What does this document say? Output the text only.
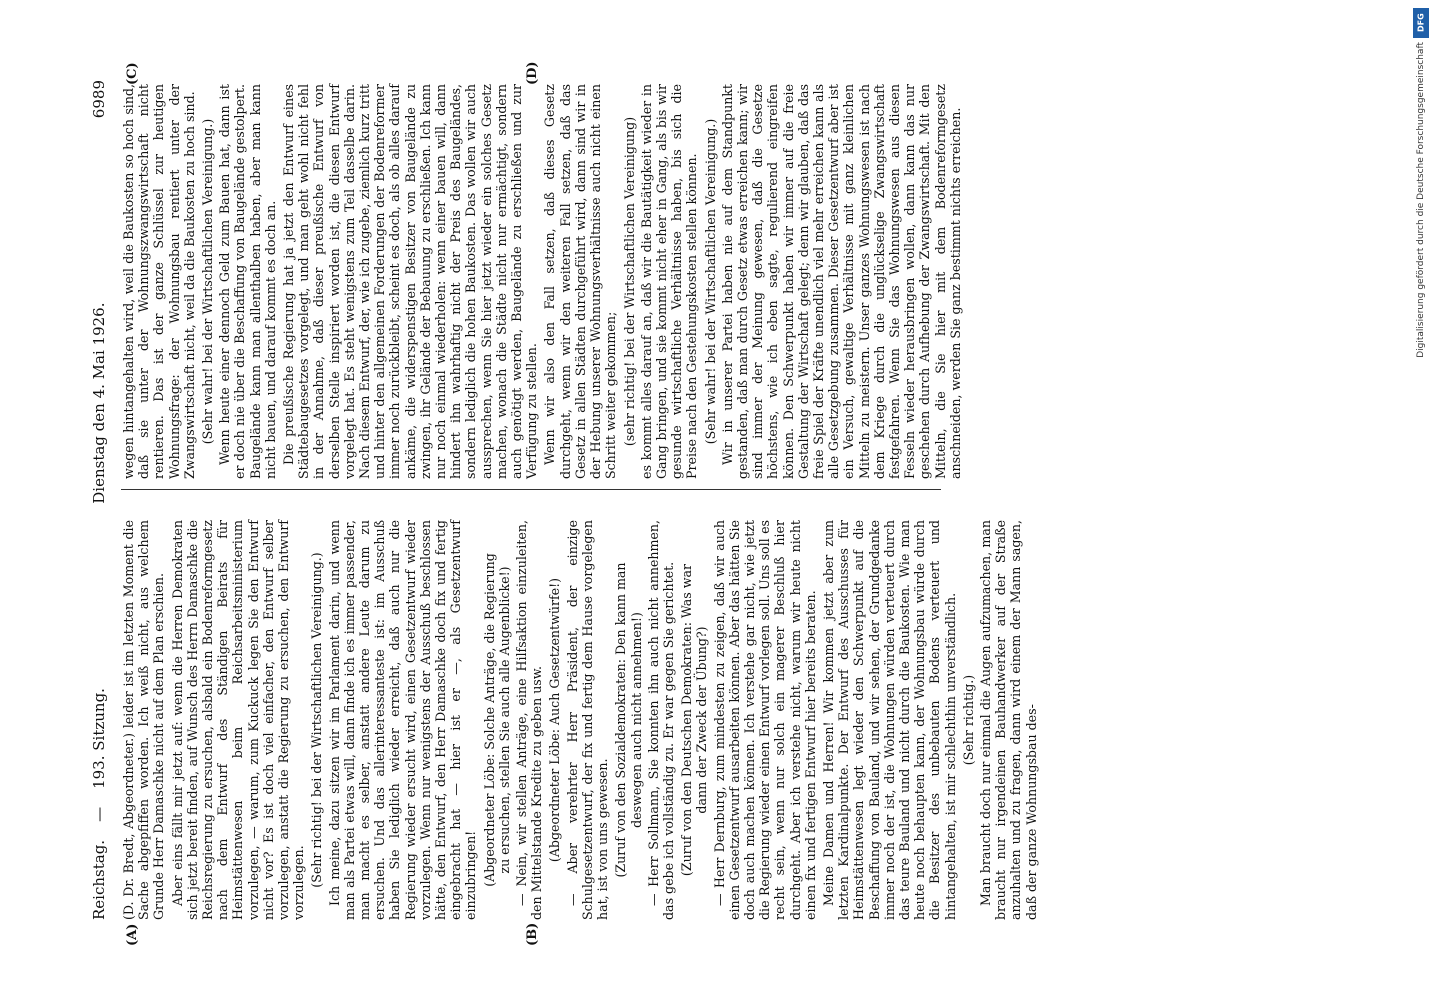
Reichstag.
—
193. Sitzung.
Dienstag den 4. Mai 1926.
6989

(D. Dr. Bredt, Abgeordneter.) leider ist im letzten Moment die Sache abgepfiffen worden. Ich weiß nicht, aus welchem Grunde Herr Damaschke nicht auf dem Plan erschien. Aber eins fällt mir jetzt auf: wenn die Herren Demokraten sich jetzt bereit finden, auf Wunsch des Herrn Damaschke die Reichsregierung zu ersuchen, alsbald ein Bodenreformgesetz nach dem Entwurf des Ständigen Beirats für Heimstättenwesen beim Reichsarbeitsministerium vorzulegen, — warum, zum Kuckuck legen Sie den Entwurf nicht vor? Es ist doch viel einfacher, den Entwurf selber vorzulegen, anstatt die Regierung zu ersuchen, den Entwurf vorzulegen. (Sehr richtig! bei der Wirtschaftlichen Vereinigung.) Ich meine, dazu sitzen wir im Parlament darin, und wenn man als Partei etwas will, dann finde ich es immer passender, man macht es selber, anstatt andere Leute darum zu ersuchen. Und das allerinteressanteste ist: im Ausschuß haben Sie lediglich wieder erreicht, daß auch nur die Regierung wieder ersucht wird, einen Gesetzentwurf wieder vorzulegen. Wenn nur wenigstens der Ausschuß beschlossen hätte, den Entwurf, den Herr Damaschke doch fix und fertig eingebracht hat — hier ist er —, als Gesetzentwurf einzubringen! (Abgeordneter Löbe: Solche Anträge, die Regierung zu ersuchen, stellen Sie auch alle Augenblicke!) — Nein, wir stellen Anträge, eine Hilfsaktion einzuleiten, den Mittelstande Kredite zu geben usw. (Abgeordneter Löbe: Auch Gesetzentwürfe!) — Aber verehrter Herr Präsident, der einzige Schulgesetzentwurf, der fix und fertig dem Hause vorgelegen hat, ist von uns gewesen. (Zuruf von den Sozialdemokraten: Den kann man deswegen auch nicht annehmen!) — Herr Sollmann, Sie konnten ihn auch nicht annehmen, das gebe ich vollständig zu. Er war gegen Sie gerichtet. (Zuruf von den Deutschen Demokraten: Was war dann der Zweck der Übung?) — Herr Dernburg, zum mindesten zu zeigen, daß wir auch einen Gesetzentwurf ausarbeiten können. Aber das hätten Sie doch auch machen können. Ich verstehe gar nicht, wie jetzt die Regierung wieder einen Entwurf vorlegen soll. Uns soll es recht sein, wenn nur solch ein magerer Beschluß hier durchgeht. Aber ich verstehe nicht, warum wir heute nicht einen fix und fertigen Entwurf hier bereits beraten. Meine Damen und Herren! Wir kommen jetzt aber zum letzten Kardinalpunkte. Der Entwurf des Ausschusses für Heimstättenwesen legt wieder den Schwerpunkt auf die Beschaffung von Bauland, und wir sehen, der Grundgedanke immer noch der ist, die Wohnungen würden verteuert durch das teure Bauland und nicht durch die Baukosten. Wie man heute noch behaupten kann, der Wohnungsbau würde durch die Besitzer des unbebauten Bodens verteuert und hintangehalten, ist mir schlechthin unverständlich. (Sehr richtig.) Man braucht doch nur einmal die Augen aufzumachen, man braucht nur irgendeinen Bauhandwerker auf der Straße anzuhalten und zu fragen, dann wird einem der Mann sagen, daß der ganze Wohnungsbau des-

wegen hintangehalten wird, weil die Baukosten so hoch sind, daß sie unter der Wohnungszwangswirtschaft nicht rentieren. Das ist der ganze Schlüssel zur heutigen Wohnungsfrage: der Wohnungsbau rentiert unter der Zwangswirtschaft nicht, weil da die Baukosten zu hoch sind. (Sehr wahr! bei der Wirtschaftlichen Vereinigung.) Wenn heute einer dennoch Geld zum Bauen hat, dann ist er doch nie über die Beschaffung von Baugelände gestolpert. Baugelände kann man allenthalben haben, aber man kann nicht bauen, und darauf kommt es doch an. Die preußische Regierung hat ja jetzt den Entwurf eines Städtebaugesetzes vorgelegt, und man geht wohl nicht fehl in der Annahme, daß dieser preußische Entwurf von derselben Stelle inspiriert worden ist, die diesen Entwurf vorgelegt hat. Es steht wenigstens zum Teil dasselbe darin. Nach diesem Entwurf, der, wie ich zugebe, ziemlich kurz tritt und hinter den allgemeinen Forderungen der Bodenreformer immer noch zurückbleibt, scheint es doch, als ob alles darauf ankäme, die widerspenstigen Besitzer von Baugelände zu zwingen, ihr Gelände der Bebauung zu erschließen. Ich kann nur noch einmal wiederholen: wenn einer bauen will, dann hindert ihn wahrhaftig nicht der Preis des Baugeländes, sondern lediglich die hohen Baukosten. Das wollen wir auch aussprechen, wenn Sie hier jetzt wieder ein solches Gesetz machen, wonach die Städte nicht nur ermächtigt, sondern auch genötigt werden, Baugelände zu erschließen und zur Verfügung zu stellen. Wenn wir also den Fall setzen, daß dieses Gesetz durchgeht, wenn wir den weiteren Fall setzen, daß das Gesetz in allen Städten durchgeführt wird, dann sind wir in der Hebung unserer Wohnungsverhältnisse auch nicht einen Schritt weiter gekommen; (sehr richtig! bei der Wirtschaftlichen Vereinigung) es kommt alles darauf an, daß wir die Bautätigkeit wieder in Gang bringen, und sie kommt nicht eher in Gang, als bis wir gesunde wirtschaftliche Verhältnisse haben, bis sich die Preise nach den Gestehungskosten stellen können. (Sehr wahr! bei der Wirtschaftlichen Vereinigung.) Wir in unserer Partei haben nie auf dem Standpunkt gestanden, daß man durch Gesetz etwas erreichen kann; wir sind immer der Meinung gewesen, daß die Gesetze höchstens, wie ich eben sagte, regulierend eingreifen können. Den Schwerpunkt haben wir immer auf die freie Gestaltung der Wirtschaft gelegt; denn wir glauben, daß das freie Spiel der Kräfte unendlich viel mehr erreichen kann als alle Gesetzgebung zusammen. Dieser Gesetzentwurf aber ist ein Versuch, gewaltige Verhältnisse mit ganz kleinlichen Mitteln zu meistern. Unser ganzes Wohnungswesen ist nach dem Kriege durch die unglückselige Zwangswirtschaft festgefahren. Wenn Sie das Wohnungswesen aus diesen Fesseln wieder herausbringen wollen, dann kann das nur geschehen durch Aufhebung der Zwangswirtschaft. Mit den Mitteln, die Sie hier mit dem Bodenreformgesetz anschneiden, werden Sie ganz bestimmt nichts erreichen.

(A)	(B)
(C)	(D)
DFG
Digitalisierung gefördert durch die Deutsche Forschungsgemeinschaft
